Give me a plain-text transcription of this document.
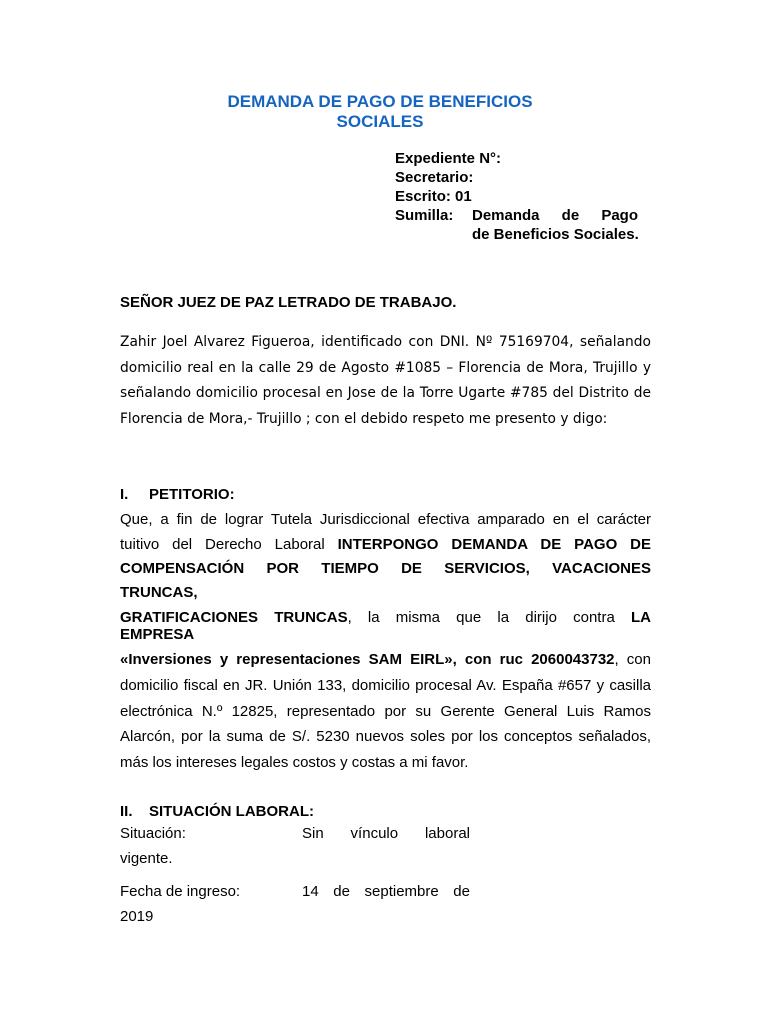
DEMANDA DE PAGO DE BENEFICIOS
SOCIALES
Expediente N°:
Secretario:
Escrito: 01
Sumilla:	Demanda de Pago
de Beneficios Sociales.
SEÑOR JUEZ DE PAZ LETRADO DE TRABAJO.
Zahir Joel Alvarez Figueroa, identificado con DNI. Nº 75169704, señalando domicilio real en la calle 29 de Agosto #1085 – Florencia de Mora, Trujillo y señalando domicilio procesal en Jose de la Torre Ugarte #785 del Distrito de Florencia de Mora,- Trujillo ; con el debido respeto me presento y digo:
I. PETITORIO:
Que, a fin de lograr Tutela Jurisdiccional efectiva amparado en el carácter
tuitivo del Derecho Laboral INTERPONGO DEMANDA DE PAGO DE
COMPENSACIÓN POR TIEMPO DE SERVICIOS, VACACIONES
TRUNCAS,
GRATIFICACIONES TRUNCAS, la misma que la dirijo contra LA
EMPRESA
«Inversiones y representaciones SAM EIRL», con ruc 2060043732, con
domicilio fiscal en JR. Unión 133, domicilio procesal Av. España #657 y casilla electrónica N.º 12825, representado por su Gerente General Luis Ramos Alarcón, por la suma de S/. 5230 nuevos soles por los conceptos señalados, más los intereses legales costos y costas a mi favor.
II. SITUACIÓN LABORAL:
Situación:	Sin vínculo laboral
vigente.
Fecha de ingreso:	14 de septiembre de
2019
